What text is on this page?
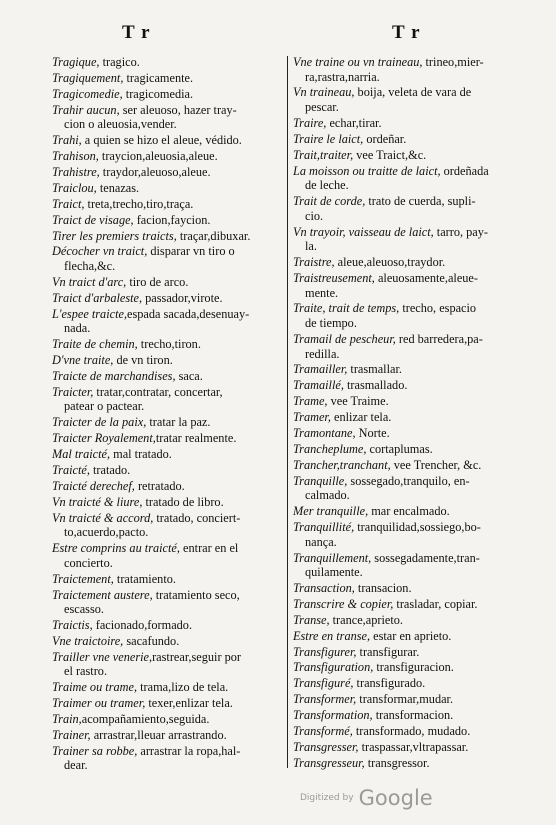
T r	T r
Tragique, tragico.
Tragiquement, tragicamente.
Tragicomedie, tragicomedia.
Trahir aucun, ser aleuoso, hazer tray-
cion o aleuosia,vender.
Trahi, a quien se hizo el aleue, védido.
Trahison, traycion,aleuosia,aleue.
Trahistre, traydor,aleuoso,aleue.
Traiclou, tenazas.
Traict, treta,trecho,tiro,traça.
Traict de visage, facion,faycion.
Tirer les premiers traicts, traçar,dibuxar.
Décocher vn traict, disparar vn tiro o
flecha,&c.
Vn traict d'arc, tiro de arco.
Traict d'arbaleste, passador,virote.
L'espee traicte,espada sacada,desenuay-
nada.
Traite de chemin, trecho,tiron.
D'vne traite, de vn tiron.
Traicte de marchandises, saca.
Traicter, tratar,contratar, concertar,
patear o pactear.
Traicter de la paix, tratar la paz.
Traicter Royalement,tratar realmente.
Mal traicté, mal tratado.
Traicté, tratado.
Traicté derechef, retratado.
Vn traicté & liure, tratado de libro.
Vn traicté & accord, tratado, conciert-
to,acuerdo,pacto.
Estre comprins au traicté, entrar en el
concierto.
Traictement, tratamiento.
Traictement austere, tratamiento seco,
escasso.
Traictis, facionado,formado.
Vne traictoire, sacafundo.
Trailler vne venerie,rastrear,seguir por
el rastro.
Traime ou trame, trama,lizo de tela.
Traimer ou tramer, texer,enlizar tela.
Train,acompañamiento,seguida.
Trainer, arrastrar,lleuar arrastrando.
Trainer sa robbe, arrastrar la ropa,hal-
dear.
Vne traine ou vn traineau, trineo,mier-
ra,rastra,narria.
Vn traineau, boija, veleta de vara de
pescar.
Traire, echar,tirar.
Traire le laict, ordeñar.
Trait,traiter, vee Traict,&c.
La moisson ou traitte de laict, ordeñada
de leche.
Trait de corde, trato de cuerda, supli-
cio.
Vn trayoir, vaisseau de laict, tarro, pay-
la.
Traistre, aleue,aleuoso,traydor.
Traistreusement, aleuosamente,aleue-
mente.
Traite, trait de temps, trecho, espacio
de tiempo.
Tramail de pescheur, red barredera,pa-
redilla.
Tramailler, trasmallar.
Tramaillé, trasmallado.
Trame, vee Traime.
Tramer, enlizar tela.
Tramontane, Norte.
Trancheplume, cortaplumas.
Trancher,tranchant, vee Trencher, &c.
Tranquille, sossegado,tranquilo, en-
calmado.
Mer tranquille, mar encalmado.
Tranquillité, tranquilidad,sossiego,bo-
nança.
Tranquillement, sossegadamente,tran-
quilamente.
Transaction, transacion.
Transcrire & copier, trasladar, copiar.
Transe, trance,aprieto.
Estre en transe, estar en aprieto.
Transfigurer, transfigurar.
Transfiguration, transfiguracion.
Transfiguré, transfigurado.
Transformer, transformar,mudar.
Transformation, transformacion.
Transformé, transformado, mudado.
Transgresser, traspassar,vltrapassar.
Transgresseur, transgressor.
Digitized by Google
